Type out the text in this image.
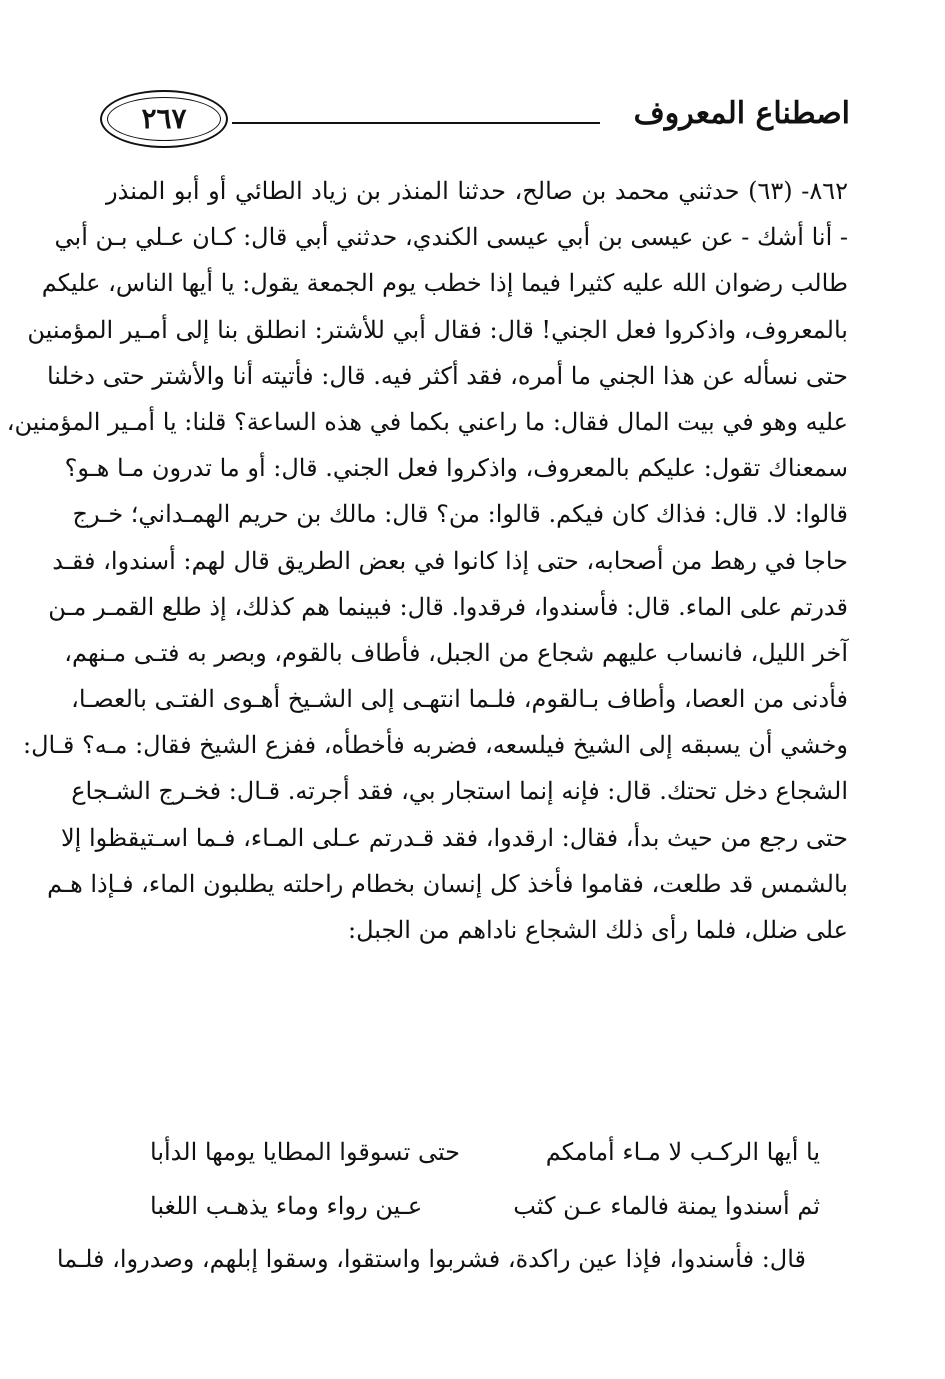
اصطناع المعروف
٢٦٧
٨٦٢- (٦٣) حدثني محمد بن صالح، حدثنا المنذر بن زياد الطائي أو أبو المنذر
- أنا أشك - عن عيسى بن أبي عيسى الكندي، حدثني أبي قال: كـان عـلي بـن أبي
طالب رضوان الله عليه كثيرا فيما إذا خطب يوم الجمعة يقول: يا أيها الناس، عليكم
بالمعروف، واذكروا فعل الجني! قال: فقال أبي للأشتر: انطلق بنا إلى أمـير المؤمنين
حتى نسأله عن هذا الجني ما أمره، فقد أكثر فيه. قال: فأتيته أنا والأشتر حتى دخلنا
عليه وهو في بيت المال فقال: ما راعني بكما في هذه الساعة؟ قلنا: يا أمـير المؤمنين،
سمعناك تقول: عليكم بالمعروف، واذكروا فعل الجني. قال: أو ما تدرون مـا هـو؟
قالوا: لا. قال: فذاك كان فيكم. قالوا: من؟ قال: مالك بن حريم الهمـداني؛ خـرج
حاجا في رهط من أصحابه، حتى إذا كانوا في بعض الطريق قال لهم: أسندوا، فقـد
قدرتم على الماء. قال: فأسندوا، فرقدوا. قال: فبينما هم كذلك، إذ طلع القمـر مـن
آخر الليل، فانساب عليهم شجاع من الجبل، فأطاف بالقوم، وبصر به فتـى مـنهم،
فأدنى من العصا، وأطاف بـالقوم، فلـما انتهـى إلى الشـيخ أهـوى الفتـى بالعصـا،
وخشي أن يسبقه إلى الشيخ فيلسعه، فضربه فأخطأه، ففزع الشيخ فقال: مـه؟ قـال:
الشجاع دخل تحتك. قال: فإنه إنما استجار بي، فقد أجرته. قـال: فخـرج الشـجاع
حتى رجع من حيث بدأ، فقال: ارقدوا، فقد قـدرتم عـلى المـاء، فـما اسـتيقظوا إلا
بالشمس قد طلعت، فقاموا فأخذ كل إنسان بخطام راحلته يطلبون الماء، فـإذا هـم
على ضلل، فلما رأى ذلك الشجاع ناداهم من الجبل:
يا أيها الركـب لا مـاء أمامكم
حتى تسوقوا المطايا يومها الدأبا
ثم أسندوا يمنة فالماء عـن كثب
عـين رواء وماء يذهـب اللغبا
قال: فأسندوا، فإذا عين راكدة، فشربوا واستقوا، وسقوا إبلهم، وصدروا، فلـما
